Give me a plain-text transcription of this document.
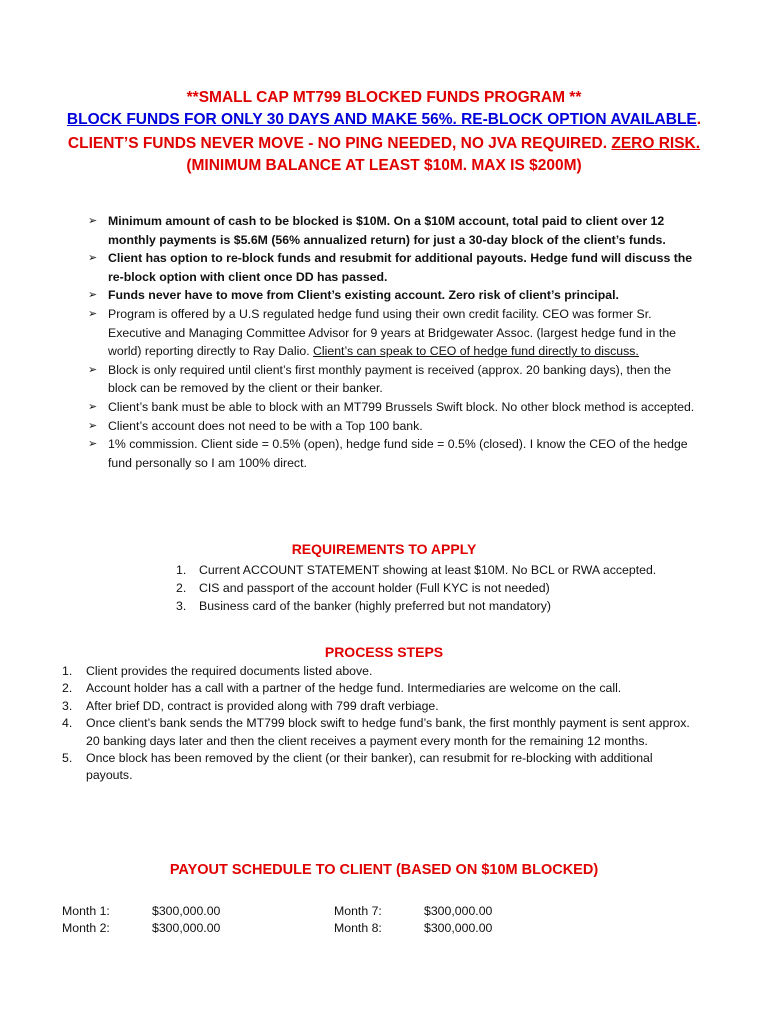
**SMALL CAP MT799 BLOCKED FUNDS PROGRAM **
BLOCK FUNDS FOR ONLY 30 DAYS AND MAKE 56%. RE-BLOCK OPTION AVAILABLE.
CLIENT’S FUNDS NEVER MOVE - NO PING NEEDED, NO JVA REQUIRED. ZERO RISK.
(MINIMUM BALANCE AT LEAST $10M. MAX IS $200M)
➢ Minimum amount of cash to be blocked is $10M. On a $10M account, total paid to client over 12 monthly payments is $5.6M (56% annualized return) for just a 30-day block of the client’s funds.
➢ Client has option to re-block funds and resubmit for additional payouts. Hedge fund will discuss the re-block option with client once DD has passed.
➢ Funds never have to move from Client’s existing account. Zero risk of client’s principal.
➢ Program is offered by a U.S regulated hedge fund using their own credit facility. CEO was former Sr. Executive and Managing Committee Advisor for 9 years at Bridgewater Assoc. (largest hedge fund in the world) reporting directly to Ray Dalio. Client’s can speak to CEO of hedge fund directly to discuss.
➢ Block is only required until client’s first monthly payment is received (approx. 20 banking days), then the block can be removed by the client or their banker.
➢ Client’s bank must be able to block with an MT799 Brussels Swift block. No other block method is accepted.
➢ Client’s account does not need to be with a Top 100 bank.
➢ 1% commission. Client side = 0.5% (open), hedge fund side = 0.5% (closed). I know the CEO of the hedge fund personally so I am 100% direct.
REQUIREMENTS TO APPLY
1. Current ACCOUNT STATEMENT showing at least $10M. No BCL or RWA accepted.
2. CIS and passport of the account holder (Full KYC is not needed)
3. Business card of the banker (highly preferred but not mandatory)
PROCESS STEPS
1. Client provides the required documents listed above.
2. Account holder has a call with a partner of the hedge fund. Intermediaries are welcome on the call.
3. After brief DD, contract is provided along with 799 draft verbiage.
4. Once client’s bank sends the MT799 block swift to hedge fund’s bank, the first monthly payment is sent approx. 20 banking days later and then the client receives a payment every month for the remaining 12 months.
5. Once block has been removed by the client (or their banker), can resubmit for re-blocking with additional payouts.
PAYOUT SCHEDULE TO CLIENT (BASED ON $10M BLOCKED)
Month 1:	$300,000.00
Month 2:	$300,000.00
Month 7:	$300,000.00
Month 8:	$300,000.00
